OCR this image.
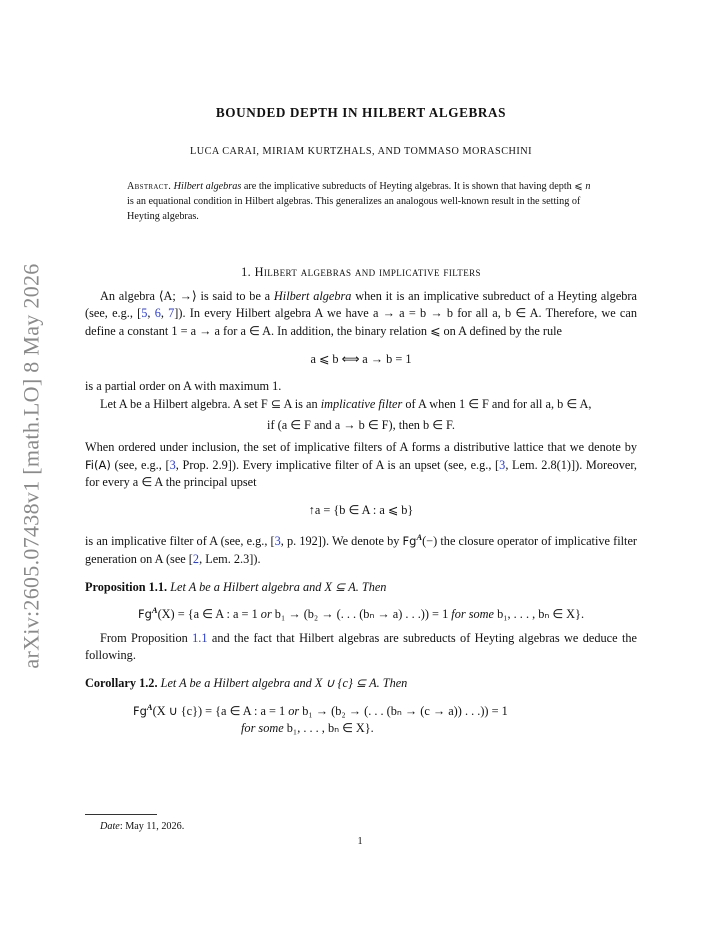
arXiv:2605.07438v1 [math.LO] 8 May 2026
BOUNDED DEPTH IN HILBERT ALGEBRAS
LUCA CARAI, MIRIAM KURTZHALS, AND TOMMASO MORASCHINI
Abstract. Hilbert algebras are the implicative subreducts of Heyting algebras. It is shown that having depth ⩽ n is an equational condition in Hilbert algebras. This generalizes an analogous well-known result in the setting of Heyting algebras.
1. Hilbert algebras and implicative filters

An algebra ⟨A; →⟩ is said to be a Hilbert algebra when it is an implicative subreduct of a Heyting algebra (see, e.g., [5, 6, 7]). In every Hilbert algebra A we have a → a = b → b for all a, b ∈ A. Therefore, we can define a constant 1 = a → a for a ∈ A. In addition, the binary relation ⩽ on A defined by the rule

a ⩽ b ⟺ a → b = 1

is a partial order on A with maximum 1.

Let A be a Hilbert algebra. A set F ⊆ A is an implicative filter of A when 1 ∈ F and for all a, b ∈ A,

if (a ∈ F and a → b ∈ F), then b ∈ F.

When ordered under inclusion, the set of implicative filters of A forms a distributive lattice that we denote by Fi(A) (see, e.g., [3, Prop. 2.9]). Every implicative filter of A is an upset (see, e.g., [3, Lem. 2.8(1)]). Moreover, for every a ∈ A the principal upset

↑a = {b ∈ A : a ⩽ b}

is an implicative filter of A (see, e.g., [3, p. 192]). We denote by $Fg^A(-)$ the closure operator of implicative filter generation on A (see [2, Lem. 2.3]).

Proposition 1.1. Let A be a Hilbert algebra and X ⊆ A. Then

$Fg^A(X) = \{a$ ∈ A : a = 1 or b₁ → (b₂ → (. . . (bₙ → a) . . .)) = 1 for some b₁, . . . , bₙ ∈ X}.

From Proposition 1.1 and the fact that Hilbert algebras are subreducts of Heyting algebras we deduce the following.

Corollary 1.2. Let A be a Hilbert algebra and X ∪ {c} ⊆ A. Then

$Fg^A(X$ ∪ {c}) = {a ∈ A : a = 1 or b₁ → (b₂ → (. . . (bₙ → (c → a)) . . .)) = 1
for some b₁, . . . , bₙ ∈ X}.
Date: May 11, 2026.
1
